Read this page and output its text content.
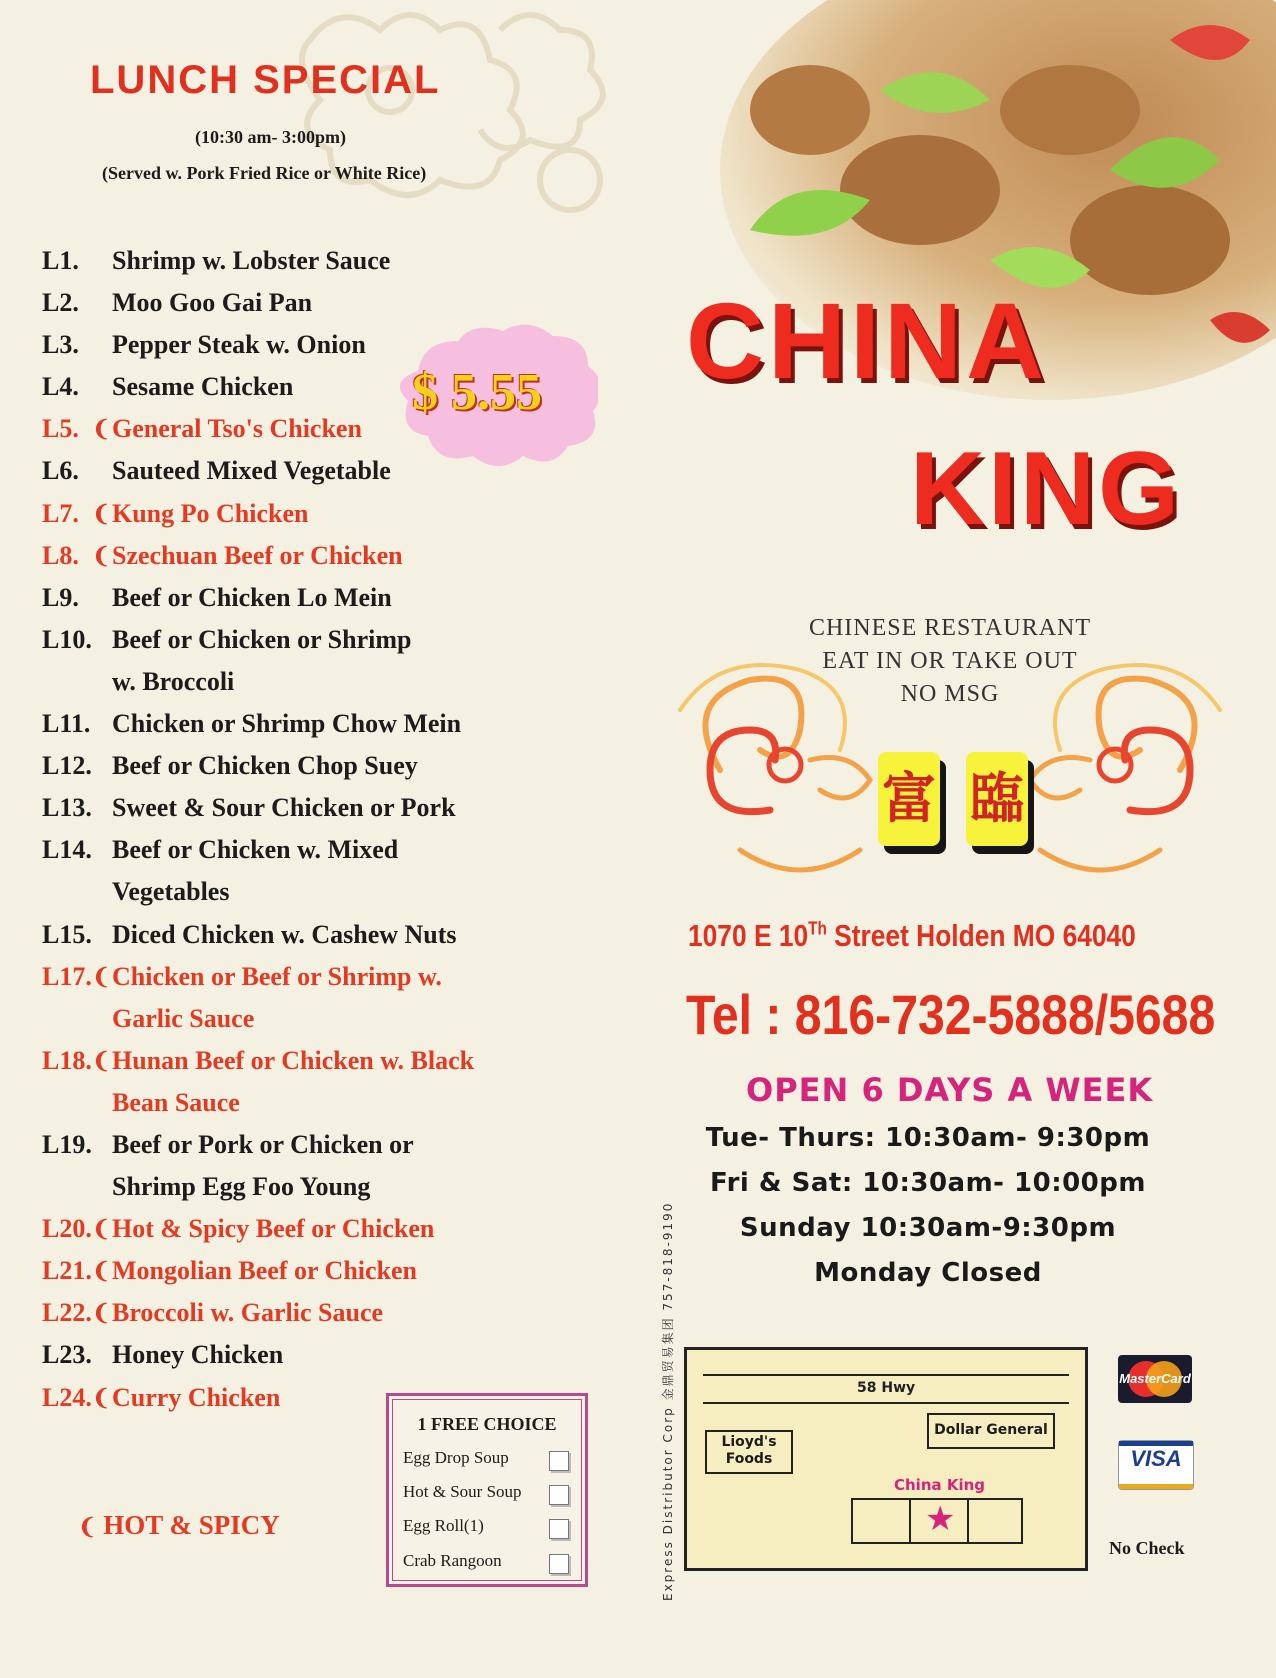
LUNCH SPECIAL
(10:30 am- 3:00pm)
(Served w. Pork Fried Rice or White Rice)
L1. Shrimp w. Lobster Sauce
L2. Moo Goo Gai Pan
L3. Pepper Steak w. Onion
L4. Sesame Chicken
L5. ❨ General Tso's Chicken
L6. Sauteed Mixed Vegetable
L7. ❨ Kung Po Chicken
L8. ❨ Szechuan Beef or Chicken
L9. Beef or Chicken Lo Mein
L10. Beef or Chicken or Shrimp
w. Broccoli
L11. Chicken or Shrimp Chow Mein
L12. Beef or Chicken Chop Suey
L13. Sweet & Sour Chicken or Pork
L14. Beef or Chicken w. Mixed
Vegetables
L15. Diced Chicken w. Cashew Nuts
L17. ❨ Chicken or Beef or Shrimp w.
Garlic Sauce
L18. ❨ Hunan Beef or Chicken w. Black
Bean Sauce
L19. Beef or Pork or Chicken or
Shrimp Egg Foo Young
L20. ❨ Hot & Spicy Beef or Chicken
L21. ❨ Mongolian Beef or Chicken
L22. ❨ Broccoli w. Garlic Sauce
L23. Honey Chicken
L24. ❨ Curry Chicken
$ 5.55
❨ HOT & SPICY
1 FREE CHOICE
Egg Drop Soup
Hot & Sour Soup
Egg Roll(1)
Crab Rangoon
CHINA
KING
CHINESE RESTAURANT
EAT IN OR TAKE OUT
NO MSG
富 臨
1070 E 10Th Street Holden MO 64040
Tel : 816-732-5888/5688
OPEN 6 DAYS A WEEK
Tue- Thurs: 10:30am- 9:30pm
Fri & Sat: 10:30am- 10:00pm
Sunday 10:30am-9:30pm
Monday Closed
Express Distributor Corp 金鼎贸易集团 757-818-9190	58 Hwy
Lioyd's
Foods
Dollar General
China King
★
MasterCard
VISA
No Check
